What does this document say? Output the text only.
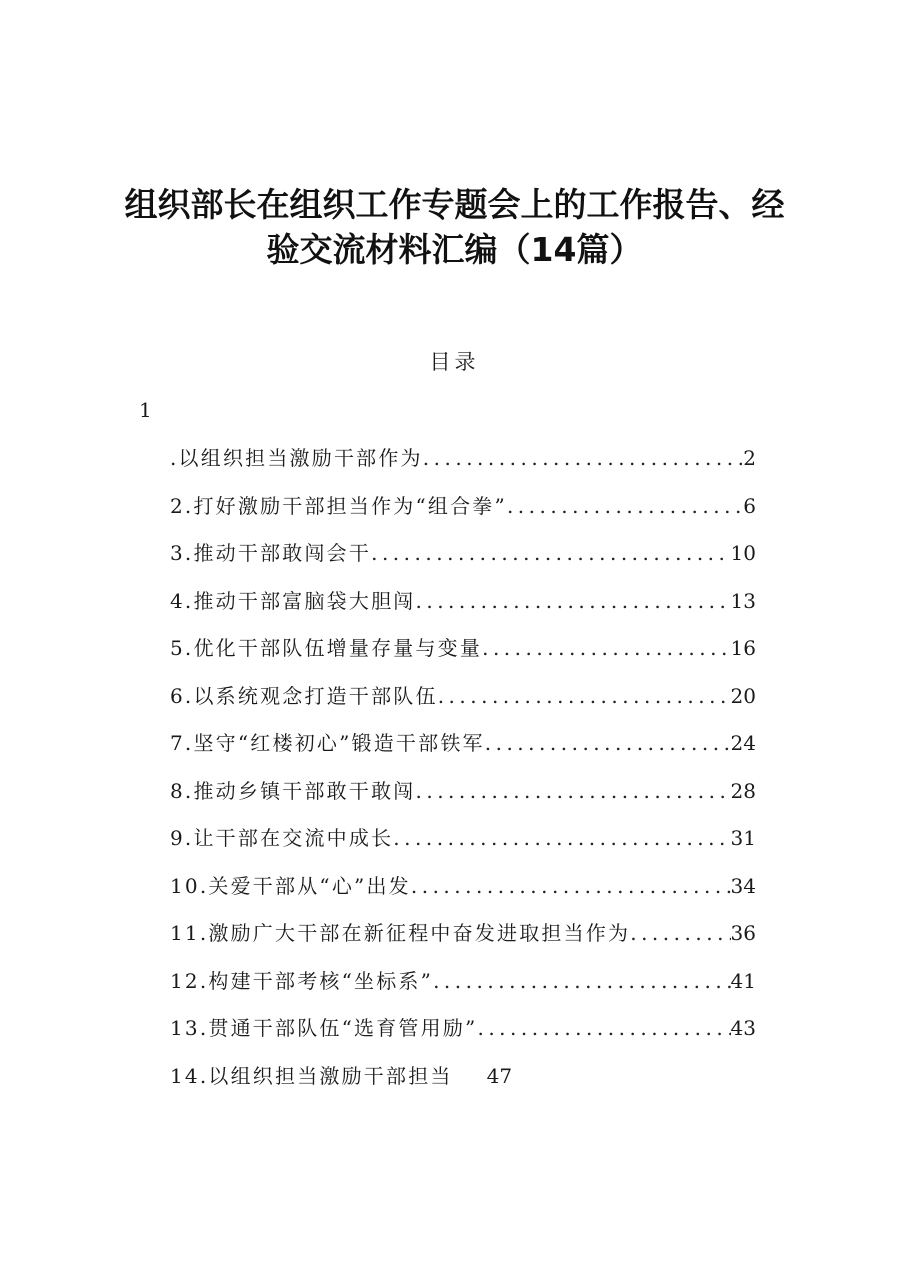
组织部长在组织工作专题会上的工作报告、经
验交流材料汇编（14篇）
目录
1
.以组织担当激励干部作为 .....	2
2.打好激励干部担当作为“组合拳” .....	6
3.推动干部敢闯会干 .....	10
4.推动干部富脑袋大胆闯 .....	13
5.优化干部队伍增量存量与变量 .....	16
6.以系统观念打造干部队伍 .....	20
7.坚守“红楼初心”锻造干部铁军 .....	24
8.推动乡镇干部敢干敢闯 .....	28
9.让干部在交流中成长 .....	31
10.关爱干部从“心”出发 .....	34
11.激励广大干部在新征程中奋发进取担当作为 .....	36
12.构建干部考核“坐标系” .....	41
13.贯通干部队伍“选育管用励” .....	43
14.以组织担当激励干部担当 47
